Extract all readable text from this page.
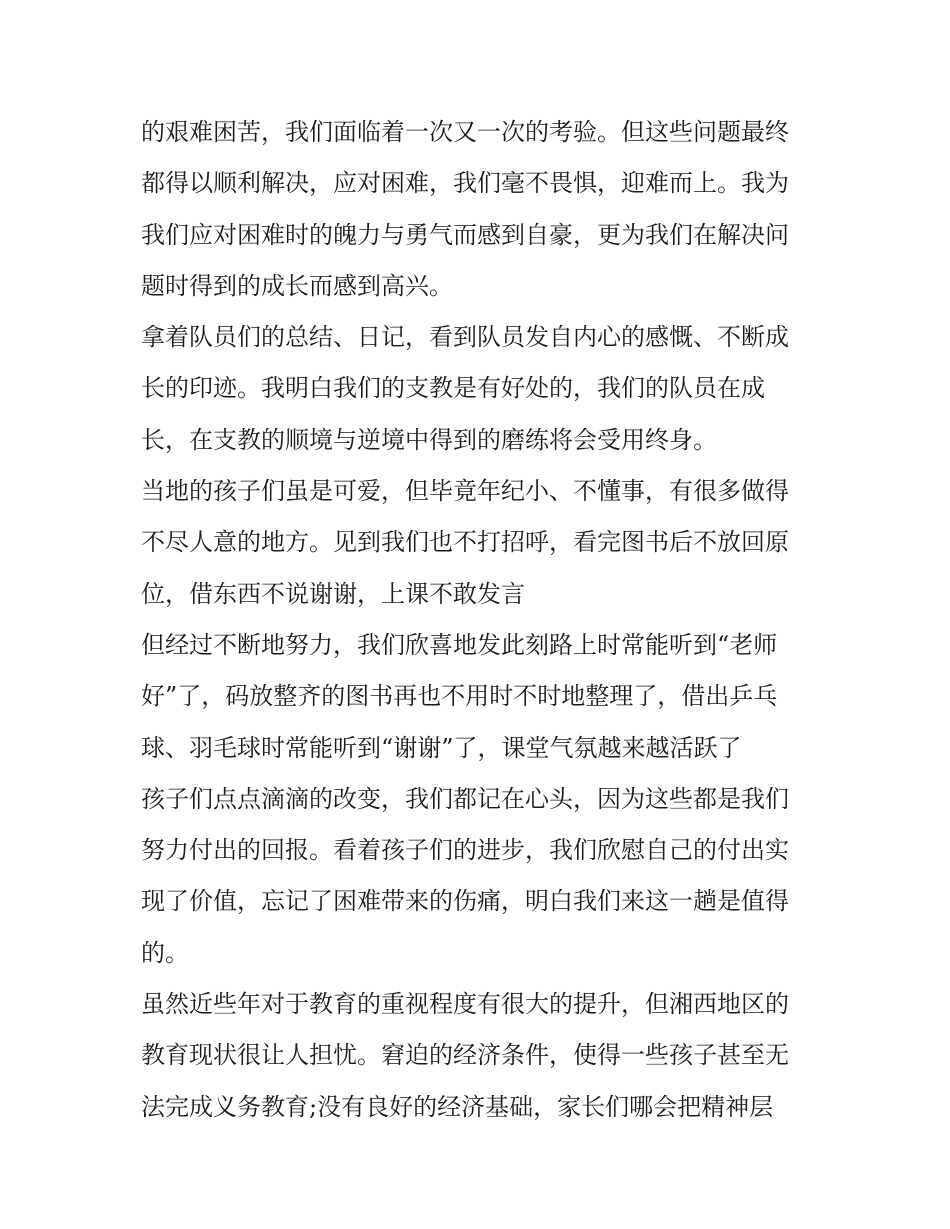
的艰难困苦，我们面临着一次又一次的考验。但这些问题最终
都得以顺利解决，应对困难，我们毫不畏惧，迎难而上。我为
我们应对困难时的魄力与勇气而感到自豪，更为我们在解决问
题时得到的成长而感到高兴。
拿着队员们的总结、日记，看到队员发自内心的感慨、不断成
长的印迹。我明白我们的支教是有好处的，我们的队员在成
长，在支教的顺境与逆境中得到的磨练将会受用终身。
当地的孩子们虽是可爱，但毕竟年纪小、不懂事，有很多做得
不尽人意的地方。见到我们也不打招呼，看完图书后不放回原
位，借东西不说谢谢，上课不敢发言
但经过不断地努力，我们欣喜地发此刻路上时常能听到“老师
好”了，码放整齐的图书再也不用时不时地整理了，借出乒乓
球、羽毛球时常能听到“谢谢”了，课堂气氛越来越活跃了
孩子们点点滴滴的改变，我们都记在心头，因为这些都是我们
努力付出的回报。看着孩子们的进步，我们欣慰自己的付出实
现了价值，忘记了困难带来的伤痛，明白我们来这一趟是值得
的。
虽然近些年对于教育的重视程度有很大的提升，但湘西地区的
教育现状很让人担忧。窘迫的经济条件，使得一些孩子甚至无
法完成义务教育;没有良好的经济基础，家长们哪会把精神层
